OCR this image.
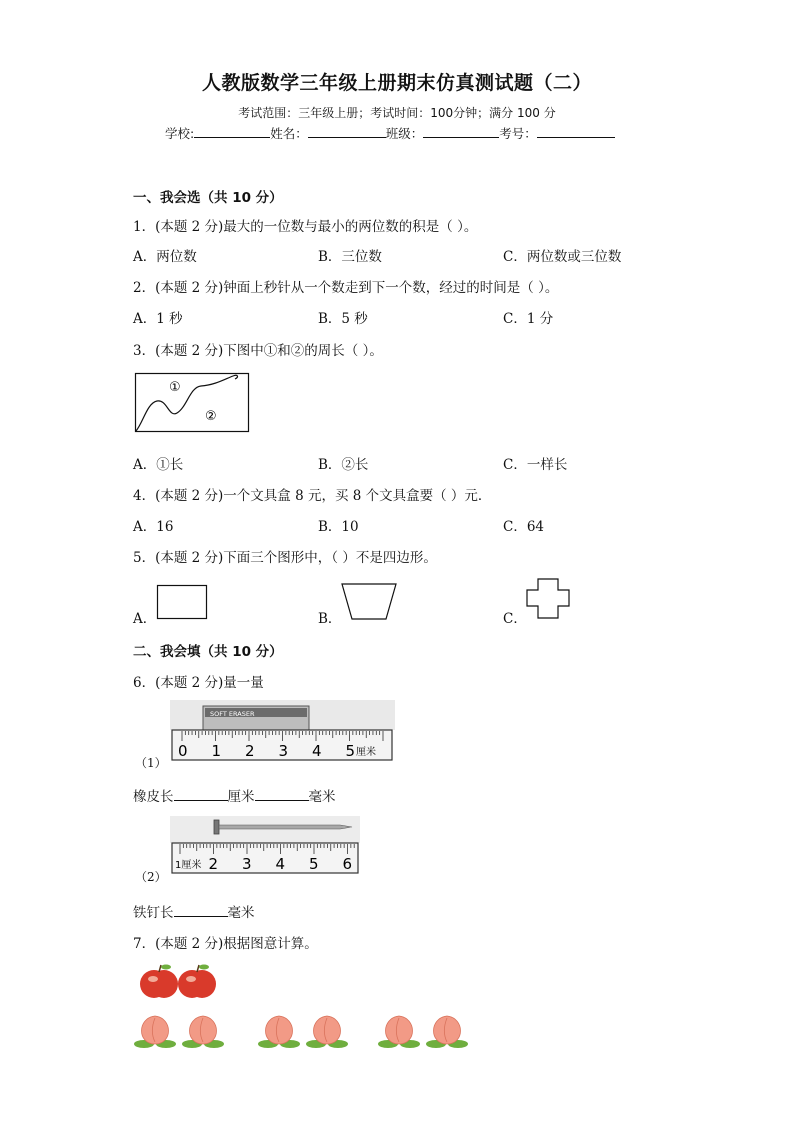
人教版数学三年级上册期末仿真测试题（二）
考试范围：三年级上册；考试时间：100分钟；满分 100 分
学校:	姓名：	班级：	考号：
一、我会选（共 10 分）
1．(本题 2 分)最大的一位数与最小的两位数的积是（ ）。
A．两位数	B．三位数	C．两位数或三位数
2．(本题 2 分)钟面上秒针从一个数走到下一个数，经过的时间是（ ）。
A．1 秒	B．5 秒	C．1 分
3．(本题 2 分)下图中①和②的周长（ ）。
①
②
A．①长	B．②长	C．一样长
4．(本题 2 分)一个文具盒 8 元，买 8 个文具盒要（ ）元．
A．16	B．10	C．64
5．(本题 2 分)下面三个图形中，（ ）不是四边形。
A．	B．	C．
二、我会填（共 10 分）
6．(本题 2 分)量一量
SOFT ERASER
0 1 2 3 4 5 厘米
（1）
橡皮长	厘米	毫米
1厘米 2 3 4 5 6
（2）
铁钉长	毫米
7．(本题 2 分)根据图意计算。
